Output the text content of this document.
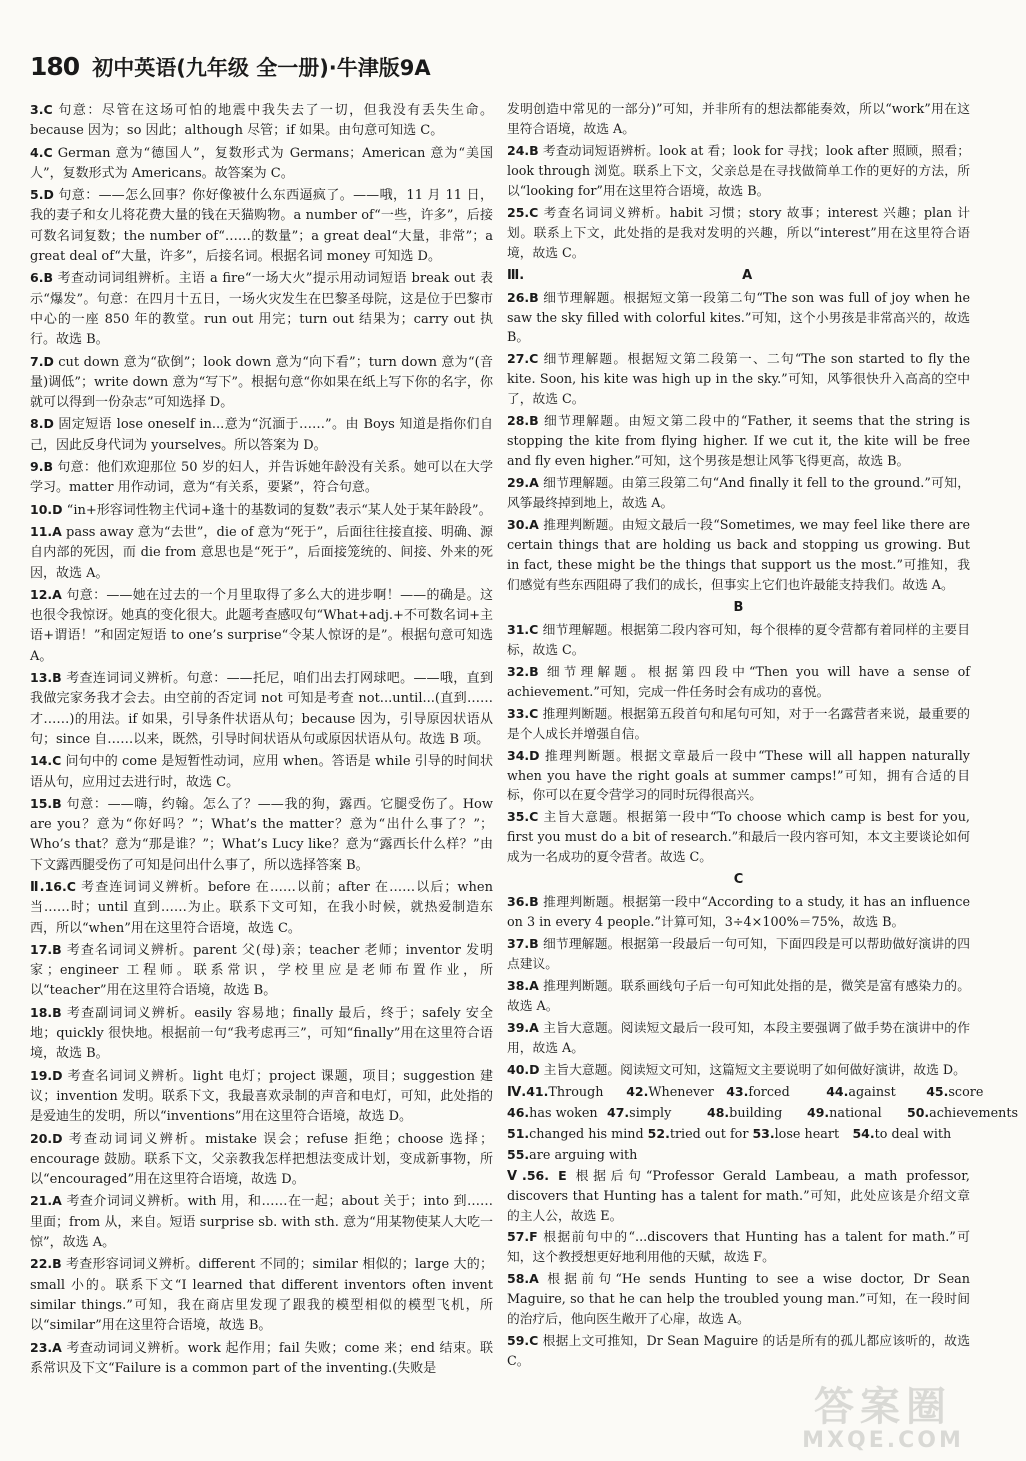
180 初中英语(九年级 全一册)·牛津版9A
3.C 句意：尽管在这场可怕的地震中我失去了一切，但我没有丢失生命。because 因为；so 因此；although 尽管；if 如果。由句意可知选 C。
4.C German 意为“德国人”，复数形式为 Germans；American 意为“美国人”，复数形式为 Americans。故答案为 C。
5.D 句意：——怎么回事？你好像被什么东西逼疯了。——哦，11 月 11 日，我的妻子和女儿将花费大量的钱在天猫购物。a number of“一些，许多”，后接可数名词复数；the number of“……的数量”；a great deal“大量，非常”；a great deal of“大量，许多”，后接名词。根据名词 money 可知选 D。
6.B 考查动词词组辨析。主语 a fire“一场大火”提示用动词短语 break out 表示“爆发”。句意：在四月十五日，一场火灾发生在巴黎圣母院，这是位于巴黎市中心的一座 850 年的教堂。run out 用完；turn out 结果为；carry out 执行。故选 B。
7.D cut down 意为“砍倒”；look down 意为“向下看”；turn down 意为“(音量)调低”；write down 意为“写下”。根据句意“你如果在纸上写下你的名字，你就可以得到一份杂志”可知选择 D。
8.D 固定短语 lose oneself in...意为“沉湎于……”。由 Boys 知道是指你们自己，因此反身代词为 yourselves。所以答案为 D。
9.B 句意：他们欢迎那位 50 岁的妇人，并告诉她年龄没有关系。她可以在大学学习。matter 用作动词，意为“有关系，要紧”，符合句意。
10.D “in+形容词性物主代词+逢十的基数词的复数”表示“某人处于某年龄段”。
11.A pass away 意为“去世”，die of 意为“死于”，后面往往接直接、明确、源自内部的死因，而 die from 意思也是“死于”，后面接笼统的、间接、外来的死因，故选 A。
12.A 句意：——她在过去的一个月里取得了多么大的进步啊！——的确是。这也很令我惊讶。她真的变化很大。此题考查感叹句“What+adj.+不可数名词+主语+谓语！”和固定短语 to one’s surprise“令某人惊讶的是”。根据句意可知选 A。
13.B 考查连词词义辨析。句意：——托尼，咱们出去打网球吧。——哦，直到我做完家务我才会去。由空前的否定词 not 可知是考查 not...until...(直到……才……)的用法。if 如果，引导条件状语从句；because 因为，引导原因状语从句；since 自……以来，既然，引导时间状语从句或原因状语从句。故选 B 项。
14.C 问句中的 come 是短暂性动词，应用 when。答语是 while 引导的时间状语从句，应用过去进行时，故选 C。
15.B 句意：——嗨，约翰。怎么了？——我的狗，露西。它腿受伤了。How are you？意为“你好吗？”；What’s the matter？意为“出什么事了？”；Who’s that？意为“那是谁？”；What’s Lucy like？意为“露西长什么样？”由下文露西腿受伤了可知是问出什么事了，所以选择答案 B。
Ⅱ.16.C 考查连词词义辨析。before 在……以前；after 在……以后；when 当……时；until 直到……为止。联系下文可知，在我小时候，就热爱制造东西，所以“when”用在这里符合语境，故选 C。
17.B 考查名词词义辨析。parent 父(母)亲；teacher 老师；inventor 发明家；engineer 工程师。联系常识，学校里应是老师布置作业，所以“teacher”用在这里符合语境，故选 B。
18.B 考查副词词义辨析。easily 容易地；finally 最后，终于；safely 安全地；quickly 很快地。根据前一句“我考虑再三”，可知“finally”用在这里符合语境，故选 B。
19.D 考查名词词义辨析。light 电灯；project 课题，项目；suggestion 建议；invention 发明。联系下文，我最喜欢录制的声音和电灯，可知，此处指的是爱迪生的发明，所以“inventions”用在这里符合语境，故选 D。
20.D 考查动词词义辨析。mistake 误会；refuse 拒绝；choose 选择；encourage 鼓励。联系下文，父亲教我怎样把想法变成计划，变成新事物，所以“encouraged”用在这里符合语境，故选 D。
21.A 考查介词词义辨析。with 用，和……在一起；about 关于；into 到……里面；from 从，来自。短语 surprise sb. with sth. 意为“用某物使某人大吃一惊”，故选 A。
22.B 考查形容词词义辨析。different 不同的；similar 相似的；large 大的；small 小的。联系下文“I learned that different inventors often invent similar things.”可知，我在商店里发现了跟我的模型相似的模型飞机，所以“similar”用在这里符合语境，故选 B。
23.A 考查动词词义辨析。work 起作用；fail 失败；come 来；end 结束。联系常识及下文“Failure is a common part of the inventing.(失败是
发明创造中常见的一部分)”可知，并非所有的想法都能奏效，所以“work”用在这里符合语境，故选 A。
24.B 考查动词短语辨析。look at 看；look for 寻找；look after 照顾，照看；look through 浏览。联系上下文，父亲总是在寻找做简单工作的更好的方法，所以“looking for”用在这里符合语境，故选 B。
25.C 考查名词词义辨析。habit 习惯；story 故事；interest 兴趣；plan 计划。联系上下文，此处指的是我对发明的兴趣，所以“interest”用在这里符合语境，故选 C。
Ⅲ.	A
26.B 细节理解题。根据短文第一段第二句“The son was full of joy when he saw the sky filled with colorful kites.”可知，这个小男孩是非常高兴的，故选 B。
27.C 细节理解题。根据短文第二段第一、二句“The son started to fly the kite. Soon, his kite was high up in the sky.”可知，风筝很快升入高高的空中了，故选 C。
28.B 细节理解题。由短文第二段中的“Father, it seems that the string is stopping the kite from flying higher. If we cut it, the kite will be free and fly even higher.”可知，这个男孩是想让风筝飞得更高，故选 B。
29.A 细节理解题。由第三段第二句“And finally it fell to the ground.”可知，风筝最终掉到地上，故选 A。
30.A 推理判断题。由短文最后一段“Sometimes, we may feel like there are certain things that are holding us back and stopping us growing. But in fact, these might be the things that support us the most.”可推知，我们感觉有些东西阻碍了我们的成长，但事实上它们也许最能支持我们。故选 A。
B
31.C 细节理解题。根据第二段内容可知，每个很棒的夏令营都有着同样的主要目标，故选 C。
32.B 细节理解题。根据第四段中“Then you will have a sense of achievement.”可知，完成一件任务时会有成功的喜悦。
33.C 推理判断题。根据第五段首句和尾句可知，对于一名露营者来说，最重要的是个人成长并增强自信。
34.D 推理判断题。根据文章最后一段中“These will all happen naturally when you have the right goals at summer camps!”可知，拥有合适的目标，你可以在夏令营学习的同时玩得很高兴。
35.C 主旨大意题。根据第一段中“To choose which camp is best for you, first you must do a bit of research.”和最后一段内容可知，本文主要谈论如何成为一名成功的夏令营者。故选 C。
C
36.B 推理判断题。根据第一段中“According to a study, it has an influence on 3 in every 4 people.”计算可知，3÷4×100%＝75%，故选 B。
37.B 细节理解题。根据第一段最后一句可知，下面四段是可以帮助做好演讲的四点建议。
38.A 推理判断题。联系画线句子后一句可知此处指的是，微笑是富有感染力的。故选 A。
39.A 主旨大意题。阅读短文最后一段可知，本段主要强调了做手势在演讲中的作用，故选 A。
40.D 主旨大意题。阅读短文可知，这篇短文主要说明了如何做好演讲，故选 D。
Ⅳ.41.Through 42.Whenever 43.forced	44.against 45.score
46.has woken 47.simply	48.building 49.national 50.achievements
51.changed his mind 52.tried out for 53.lose heart 54.to deal with
55.are arguing with
Ⅴ.56. E 根据后句“Professor Gerald Lambeau, a math professor, discovers that Hunting has a talent for math.”可知，此处应该是介绍文章的主人公，故选 E。
57.F 根据前句中的“...discovers that Hunting has a talent for math.”可知，这个教授想更好地利用他的天赋，故选 F。
58.A 根据前句“He sends Hunting to see a wise doctor, Dr Sean Maguire, so that he can help the troubled young man.”可知，在一段时间的治疗后，他向医生敞开了心扉，故选 A。
59.C 根据上文可推知，Dr Sean Maguire 的话是所有的孤儿都应该听的，故选 C。
答案圈
MXQE.COM
